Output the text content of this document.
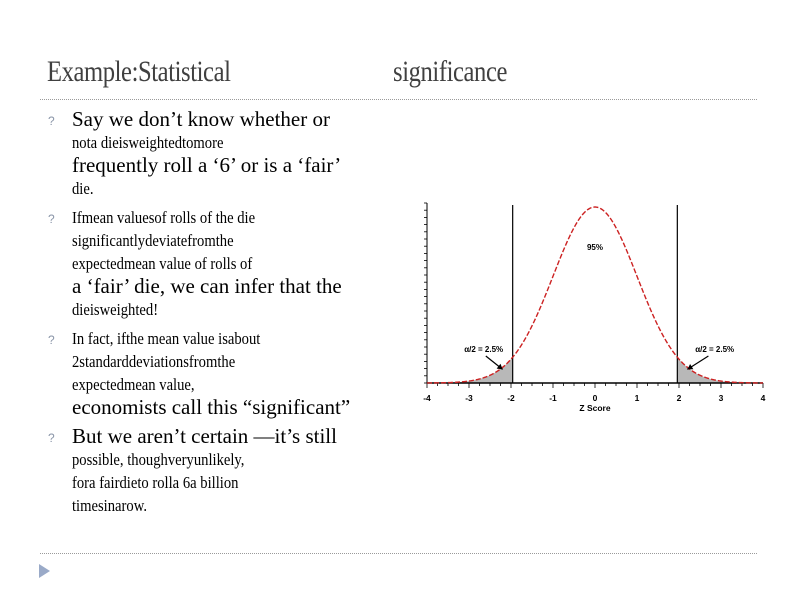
Example:Statistical	significance
? Say we don’t know whether or
nota dieisweightedtomore
frequently roll a ‘6’ or is a ‘fair’
die.
? Ifmean valuesof rolls of the die
significantlydeviatefromthe
expectedmean value of rolls of
a ‘fair’ die, we can infer that the
dieisweighted!
? In fact, ifthe mean value isabout
2standarddeviationsfromthe
expectedmean value,
economists call this “significant”
? But we aren’t certain —it’s still
possible, thoughveryunlikely,
fora fairdieto rolla 6a billion
timesinarow.
-4	-3	-2	-1	0	1	2	3	4
95%
α/2 = 2.5%	α/2 = 2.5%
Z Score
